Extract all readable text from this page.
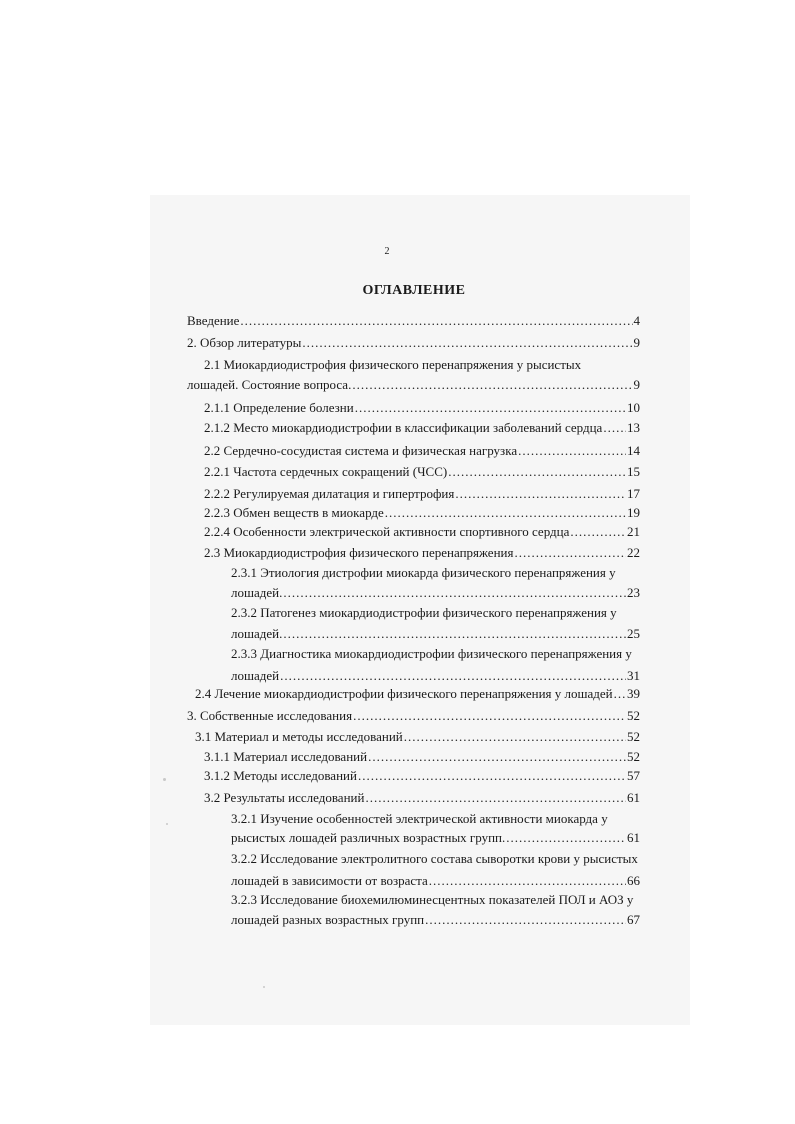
2
ОГЛАВЛЕНИЕ
Введение .....	4
2. Обзор литературы .....	9
2.1 Миокардиодистрофия физического перенапряжения у рысистых
лошадей. Состояние вопроса. .....	9
2.1.1 Определение болезни .....	10
2.1.2 Место миокардиодистрофии в классификации заболеваний сердца ..... 13
2.2 Сердечно-сосудистая система и физическая нагрузка .....	14
2.2.1 Частота сердечных сокращений (ЧСС) .....	15
2.2.2 Регулируемая дилатация и гипертрофия .....	17
2.2.3 Обмен веществ в миокарде .....	19
2.2.4 Особенности электрической активности спортивного сердца .....	21
2.3 Миокардиодистрофия физического перенапряжения .....	22
2.3.1 Этиология дистрофии миокарда физического перенапряжения у
лошадей. .....	23
2.3.2 Патогенез миокардиодистрофии физического перенапряжения у
лошадей. .....	25
2.3.3 Диагностика миокардиодистрофии физического перенапряжения у
лошадей .....	31
2.4 Лечение миокардиодистрофии физического перенапряжения у лошадей ..... 39
3. Собственные исследования .....	52
3.1 Материал и методы исследований .....	52
3.1.1 Материал исследований .....	52
3.1.2 Методы исследований .....	57
3.2 Результаты исследований .....	61
3.2.1 Изучение особенностей электрической активности миокарда у
рысистых лошадей различных возрастных групп. .....	61
3.2.2 Исследование электролитного состава сыворотки крови у рысистых
лошадей в зависимости от возраста .....	66
3.2.3 Исследование биохемилюминесцентных показателей ПОЛ и АОЗ у
лошадей разных возрастных групп .....	67
